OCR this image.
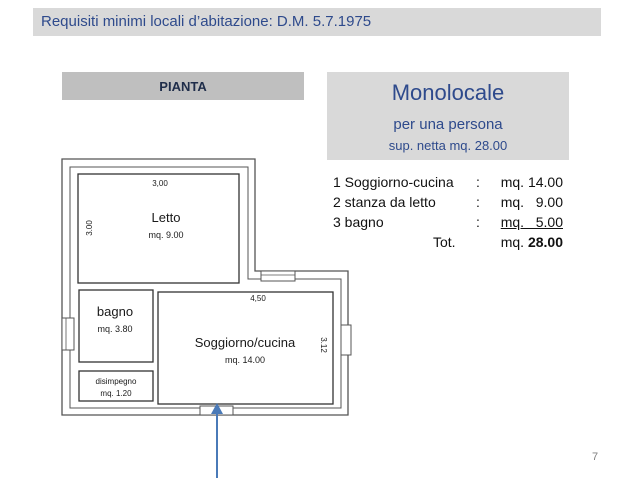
Requisiti minimi locali d’abitazione: D.M. 5.7.1975
PIANTA
3,00
3.00
Letto
mq. 9.00
bagno
mq. 3.80
disimpegno
mq. 1.20
4,50
3.12
Soggiorno/cucina
mq. 14.00
Monolocale
per una persona
sup. netta mq. 28.00
1 Soggiorno-cucina :	mq. 14.00
2 stanza da letto	:	mq.   9.00
3 bagno	:	mq.   5.00
Tot.	mq. 28.00
7
